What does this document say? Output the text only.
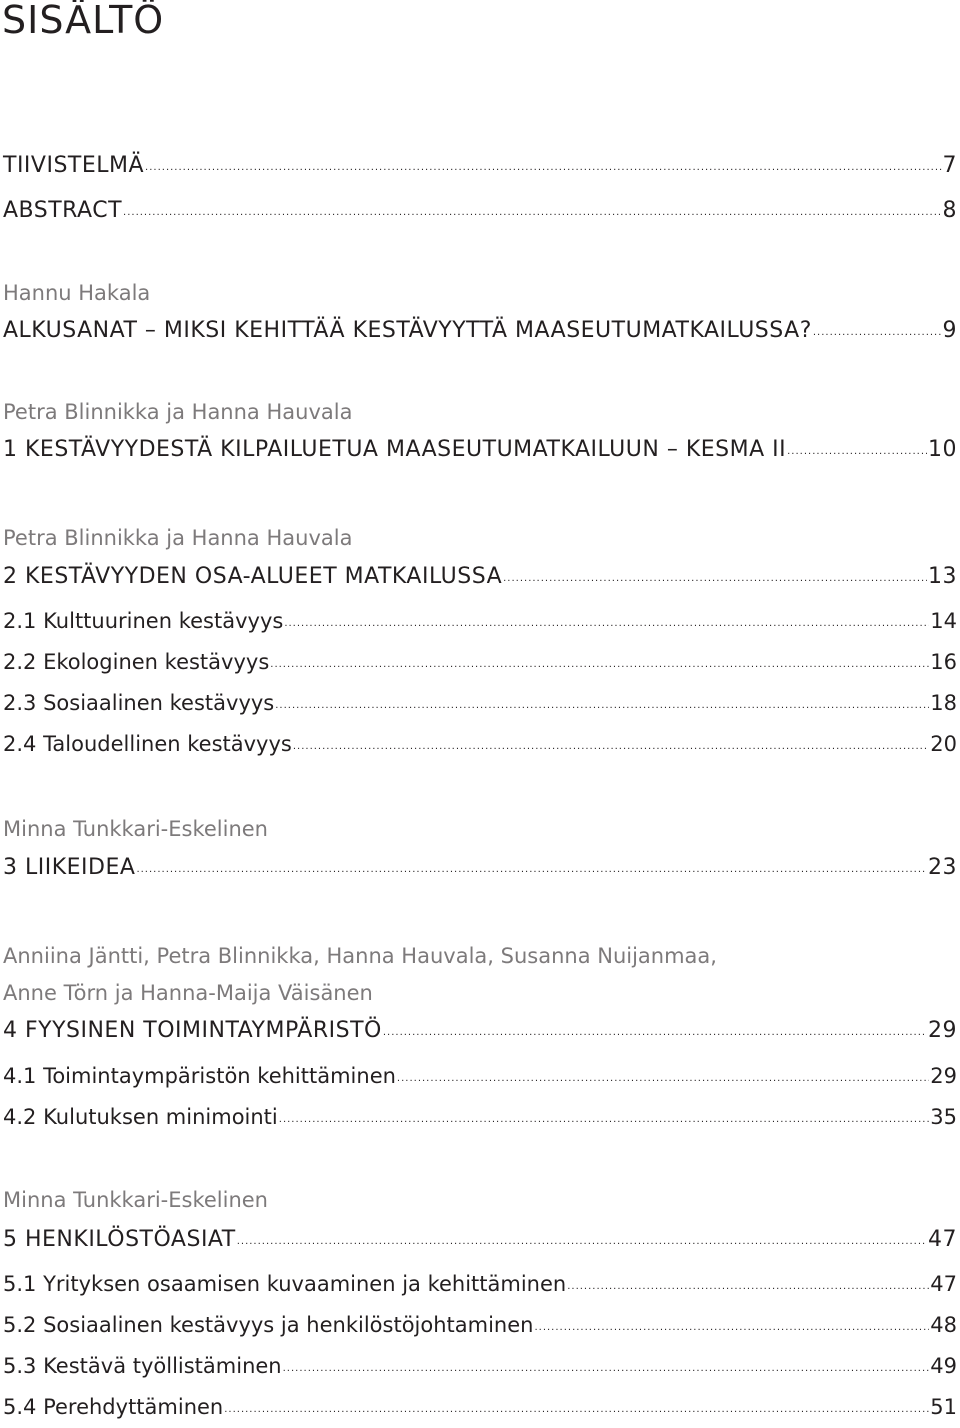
SISÄLTÖ
TIIVISTELMÄ .....	7
ABSTRACT .....	8
Hannu Hakala
ALKUSANAT – MIKSI KEHITTÄÄ KESTÄVYYTTÄ MAASEUTUMATKAILUSSA? .....	9
Petra Blinnikka ja Hanna Hauvala
1 KESTÄVYYDESTÄ KILPAILUETUA MAASEUTUMATKAILUUN – KESMA II .....	10
Petra Blinnikka ja Hanna Hauvala
2 KESTÄVYYDEN OSA-ALUEET MATKAILUSSA .....	13
2.1 Kulttuurinen kestävyys .....	14
2.2 Ekologinen kestävyys .....	16
2.3 Sosiaalinen kestävyys .....	18
2.4 Taloudellinen kestävyys .....	20
Minna Tunkkari-Eskelinen
3 LIIKEIDEA .....	23
Anniina Jäntti, Petra Blinnikka, Hanna Hauvala, Susanna Nuijanmaa,
Anne Törn ja Hanna-Maija Väisänen
4 FYYSINEN TOIMINTAYMPÄRISTÖ .....	29
4.1 Toimintaympäristön kehittäminen .....	29
4.2 Kulutuksen minimointi .....	35
Minna Tunkkari-Eskelinen
5 HENKILÖSTÖASIAT .....	47
5.1 Yrityksen osaamisen kuvaaminen ja kehittäminen .....	47
5.2 Sosiaalinen kestävyys ja henkilöstöjohtaminen .....	48
5.3 Kestävä työllistäminen .....	49
5.4 Perehdyttäminen .....	51
